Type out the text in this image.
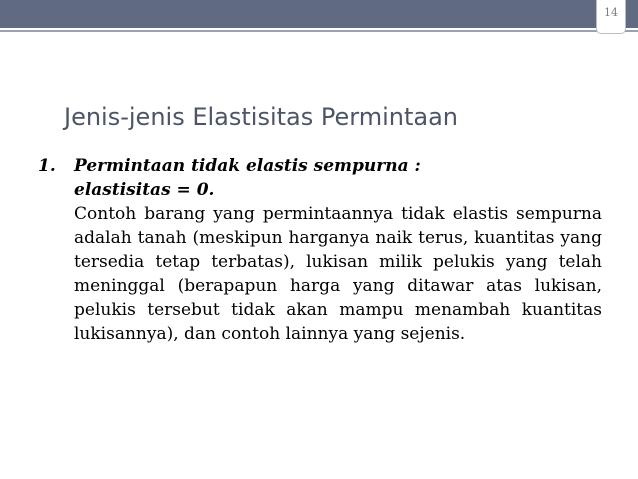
14
Jenis-jenis Elastisitas Permintaan
1.	Permintaan tidak elastis sempurna :
elastisitas = 0.

Contoh barang yang permintaannya tidak elastis sempurna adalah tanah (meskipun harganya naik terus, kuantitas yang tersedia tetap terbatas), lukisan milik pelukis yang telah meninggal (berapapun harga yang ditawar atas lukisan, pelukis tersebut tidak akan mampu menambah kuantitas lukisannya), dan contoh lainnya yang sejenis.
